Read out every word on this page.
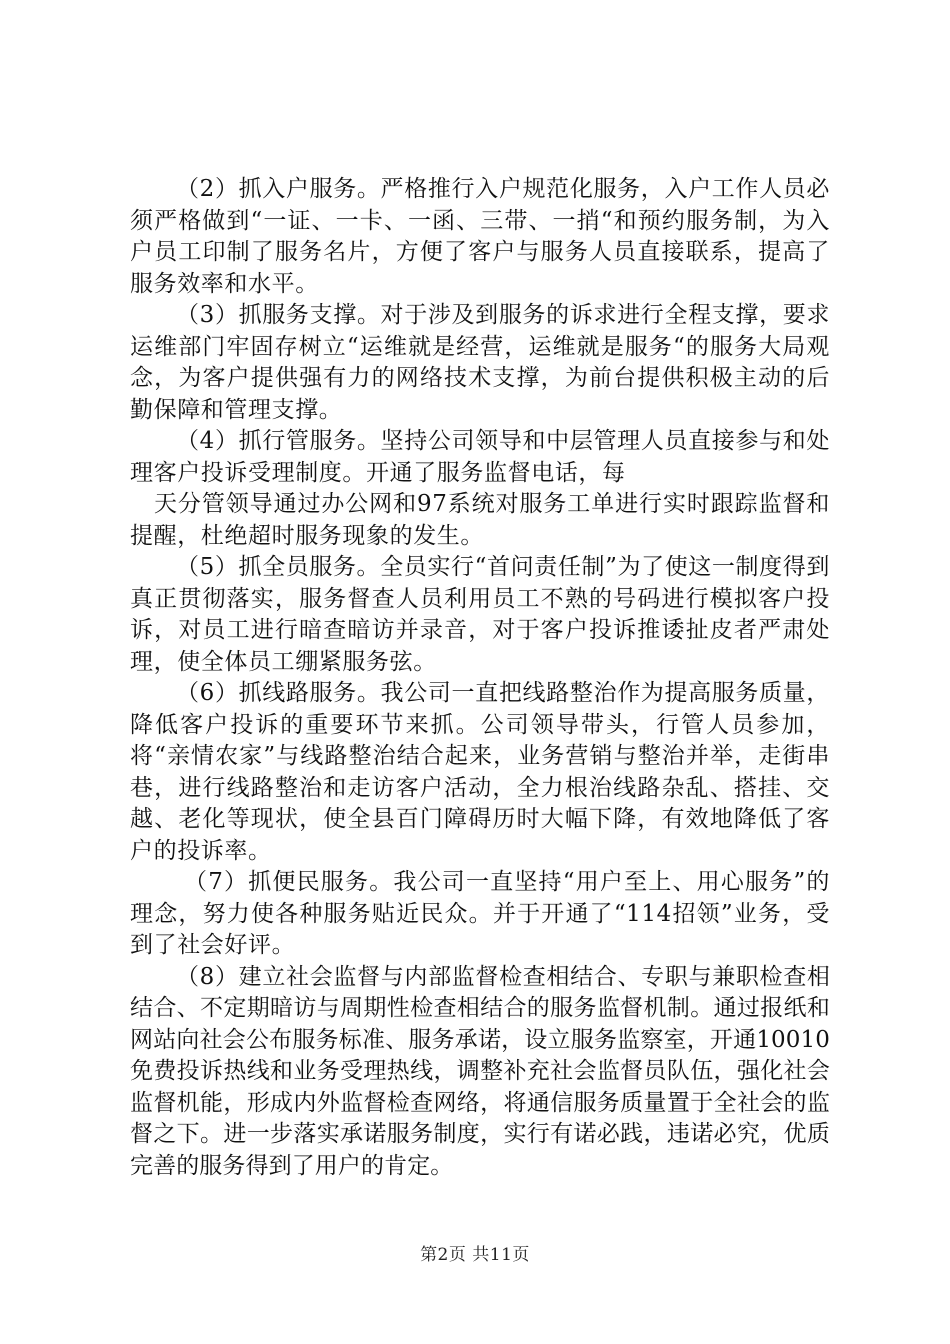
（2）抓入户服务。严格推行入户规范化服务，入户工作人员必须严格做到“一证、一卡、一函、三带、一捎“和预约服务制，为入户员工印制了服务名片，方便了客户与服务人员直接联系，提高了服务效率和水平。

（3）抓服务支撑。对于涉及到服务的诉求进行全程支撑，要求运维部门牢固存树立“运维就是经营，运维就是服务“的服务大局观念，为客户提供强有力的网络技术支撑，为前台提供积极主动的后勤保障和管理支撑。

（4）抓行管服务。坚持公司领导和中层管理人员直接参与和处理客户投诉受理制度。开通了服务监督电话，每

天分管领导通过办公网和97系统对服务工单进行实时跟踪监督和提醒，杜绝超时服务现象的发生。

（5）抓全员服务。全员实行“首问责任制”为了使这一制度得到真正贯彻落实，服务督查人员利用员工不熟的号码进行模拟客户投诉，对员工进行暗查暗访并录音，对于客户投诉推诿扯皮者严肃处理，使全体员工绷紧服务弦。

（6）抓线路服务。我公司一直把线路整治作为提高服务质量，降低客户投诉的重要环节来抓。公司领导带头，行管人员参加，将“亲情农家”与线路整治结合起来，业务营销与整治并举，走街串巷，进行线路整治和走访客户活动，全力根治线路杂乱、搭挂、交越、老化等现状，使全县百门障碍历时大幅下降，有效地降低了客户的投诉率。

（7）抓便民服务。我公司一直坚持“用户至上、用心服务”的理念，努力使各种服务贴近民众。并于开通了“114招领”业务，受到了社会好评。

（8）建立社会监督与内部监督检查相结合、专职与兼职检查相结合、不定期暗访与周期性检查相结合的服务监督机制。通过报纸和网站向社会公布服务标准、服务承诺，设立服务监察室，开通10010免费投诉热线和业务受理热线，调整补充社会监督员队伍，强化社会监督机能，形成内外监督检查网络，将通信服务质量置于全社会的监督之下。进一步落实承诺服务制度，实行有诺必践，违诺必究，优质完善的服务得到了用户的肯定。

第2页 共11页
